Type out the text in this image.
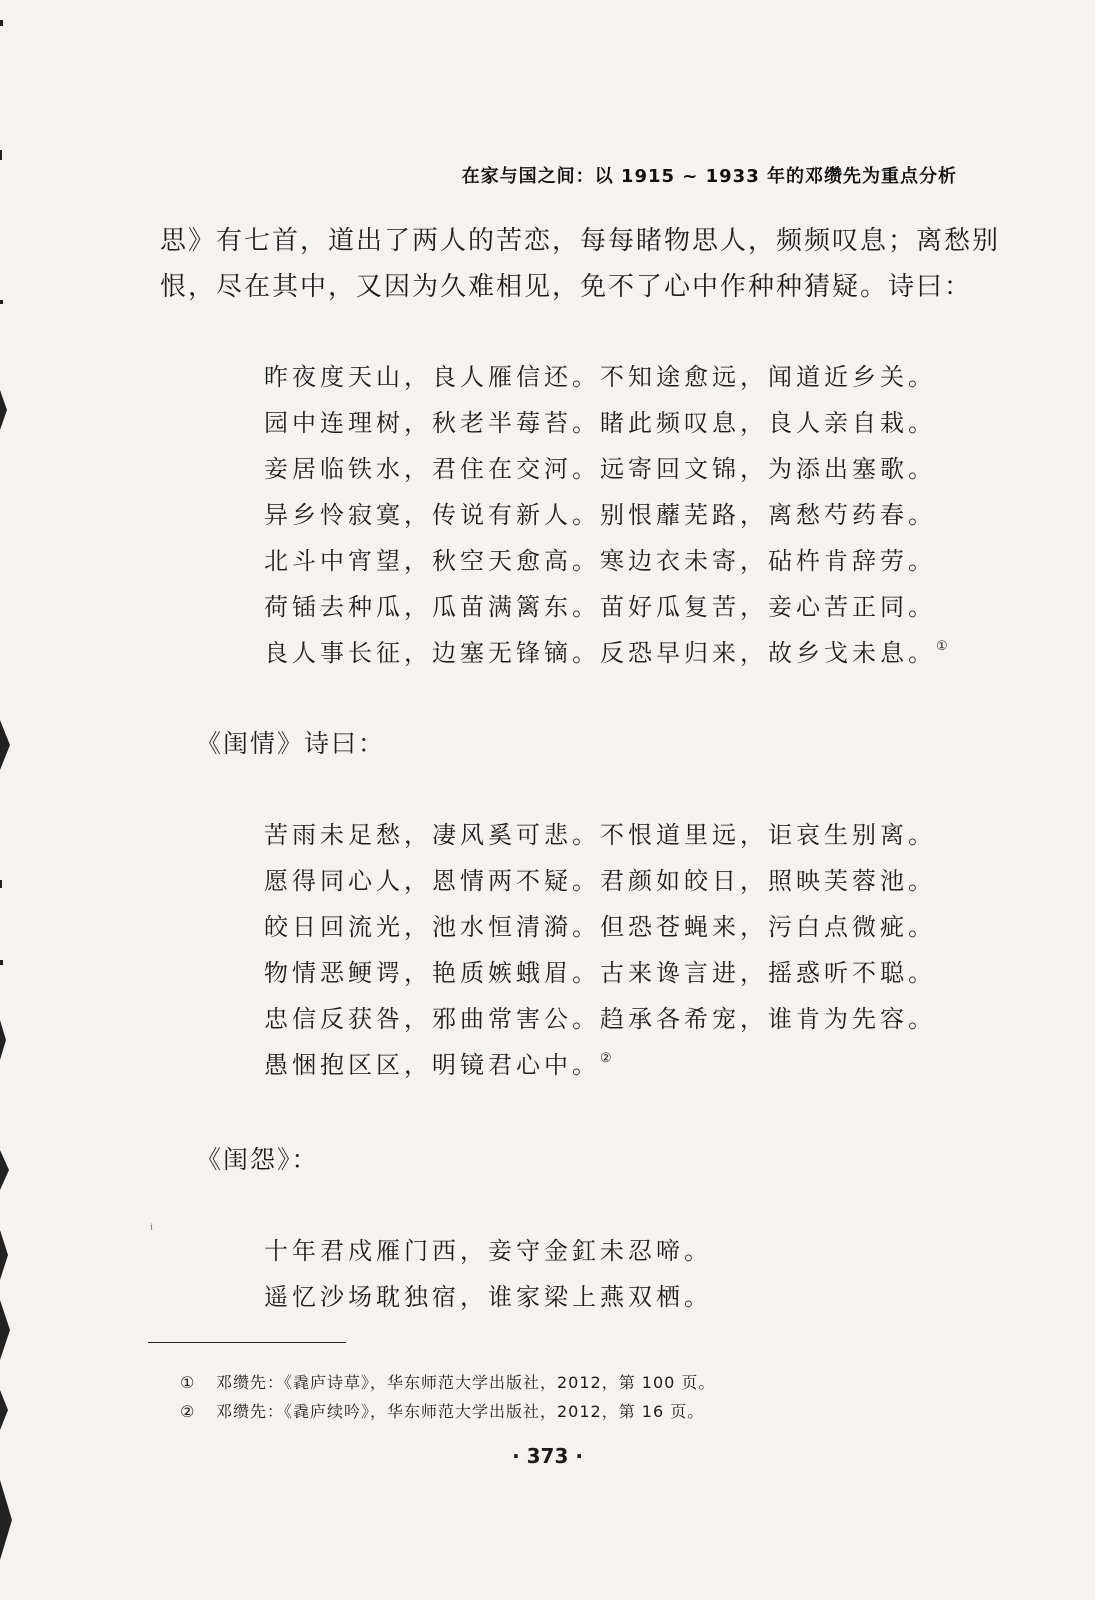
在家与国之间：以 1915 ~ 1933 年的邓缵先为重点分析

思》有七首，道出了两人的苦恋，每每睹物思人，频频叹息；离愁别
恨，尽在其中，又因为久难相见，免不了心中作种种猜疑。诗曰：

昨夜度天山，良人雁信还。不知途愈远，闻道近乡关。
园中连理树，秋老半莓苔。睹此频叹息，良人亲自栽。
妾居临铁水，君住在交河。远寄回文锦，为添出塞歌。
异乡怜寂寞，传说有新人。别恨蘼芜路，离愁芍药春。
北斗中宵望，秋空天愈高。寒边衣未寄，砧杵肯辞劳。
荷锸去种瓜，瓜苗满篱东。苗好瓜复苦，妾心苦正同。
良人事长征，边塞无锋镝。反恐早归来，故乡戈未息。①
《闺情》诗曰：
苦雨未足愁，凄风奚可悲。不恨道里远，讵哀生别离。
愿得同心人，恩情两不疑。君颜如皎日，照映芙蓉池。
皎日回流光，池水恒清漪。但恐苍蝇来，污白点微疵。
物情恶鲠谔，艳质嫉蛾眉。古来谗言进，摇惑听不聪。
忠信反获咎，邪曲常害公。趋承各希宠，谁肯为先容。
愚悃抱区区，明镜君心中。②
《闺怨》：
ⁱ
十年君戍雁门西，妾守金釭未忍啼。
遥忆沙场耽独宿，谁家梁上燕双栖。
① 邓缵先：《毳庐诗草》，华东师范大学出版社，2012，第 100 页。
② 邓缵先：《毳庐续吟》，华东师范大学出版社，2012，第 16 页。
· 373 ·
